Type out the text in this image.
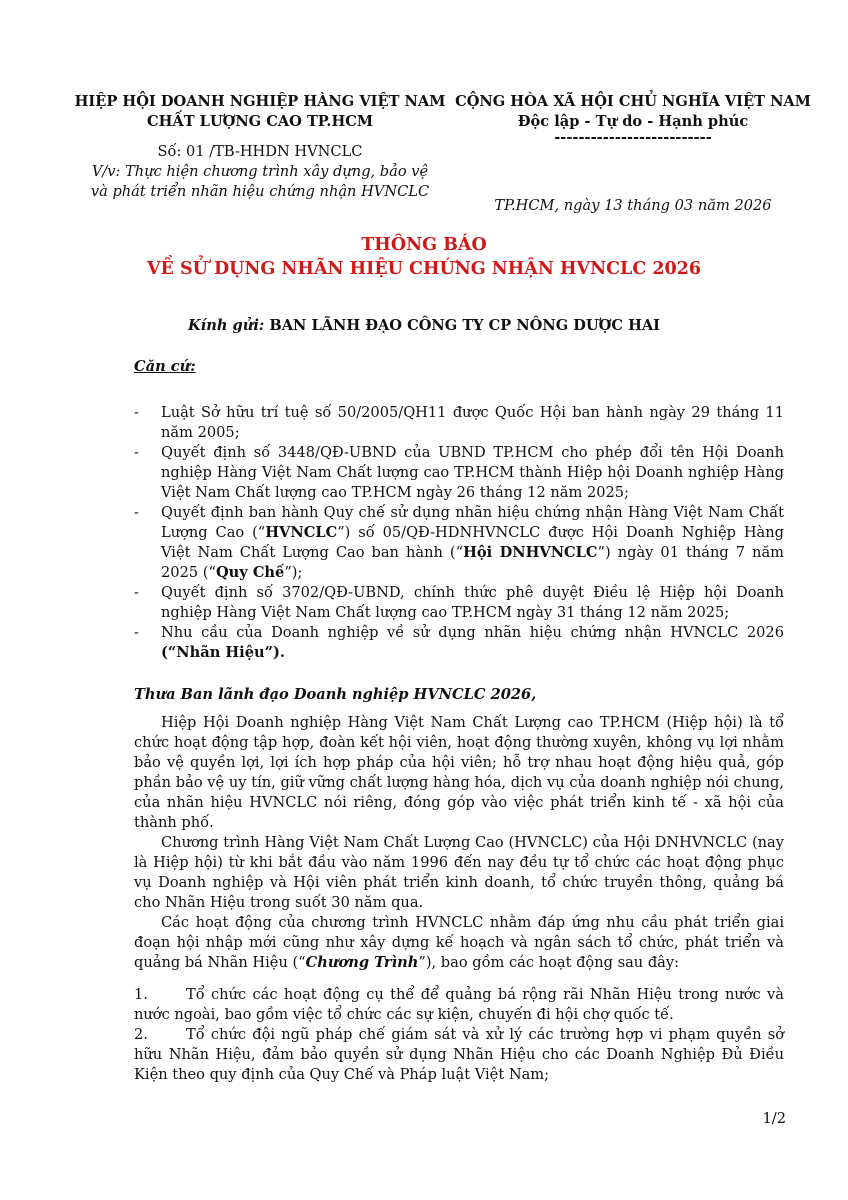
HIỆP HỘI DOANH NGHIỆP HÀNG VIỆT NAM
CHẤT LƯỢNG CAO TP.HCM
Số: 01 /TB-HHDN HVNCLC
V/v: Thực hiện chương trình xây dựng, bảo vệ
và phát triển nhãn hiệu chứng nhận HVNCLC
CỘNG HÒA XÃ HỘI CHỦ NGHĨA VIỆT NAM
Độc lập - Tự do - Hạnh phúc
--------------------------
TP.HCM, ngày 13 tháng 03 năm 2026
THÔNG BÁO
VỀ SỬ DỤNG NHÃN HIỆU CHỨNG NHẬN HVNCLC 2026
Kính gửi: BAN LÃNH ĐẠO CÔNG TY CP NÔNG DƯỢC HAI
Căn cứ:
- Luật Sở hữu trí tuệ số 50/2005/QH11 được Quốc Hội ban hành ngày 29 tháng 11 năm 2005;
- Quyết định số 3448/QĐ-UBND của UBND TP.HCM cho phép đổi tên Hội Doanh nghiệp Hàng Việt Nam Chất lượng cao TP.HCM thành Hiệp hội Doanh nghiệp Hàng Việt Nam Chất lượng cao TP.HCM ngày 26 tháng 12 năm 2025;
- Quyết định ban hành Quy chế sử dụng nhãn hiệu chứng nhận Hàng Việt Nam Chất Lượng Cao (“HVNCLC”) số 05/QĐ-HDNHVNCLC được Hội Doanh Nghiệp Hàng Việt Nam Chất Lượng Cao ban hành (“Hội DNHVNCLC”) ngày 01 tháng 7 năm 2025 (“Quy Chế”);
- Quyết định số 3702/QĐ-UBND, chính thức phê duyệt Điều lệ Hiệp hội Doanh nghiệp Hàng Việt Nam Chất lượng cao TP.HCM ngày 31 tháng 12 năm 2025;
- Nhu cầu của Doanh nghiệp về sử dụng nhãn hiệu chứng nhận HVNCLC 2026 (“Nhãn Hiệu”).
Thưa Ban lãnh đạo Doanh nghiệp HVNCLC 2026,
Hiệp Hội Doanh nghiệp Hàng Việt Nam Chất Lượng cao TP.HCM (Hiệp hội) là tổ chức hoạt động tập hợp, đoàn kết hội viên, hoạt động thường xuyên, không vụ lợi nhằm bảo vệ quyền lợi, lợi ích hợp pháp của hội viên; hỗ trợ nhau hoạt động hiệu quả, góp phần bảo vệ uy tín, giữ vững chất lượng hàng hóa, dịch vụ của doanh nghiệp nói chung, của nhãn hiệu HVNCLC nói riêng, đóng góp vào việc phát triển kinh tế - xã hội của thành phố.
Chương trình Hàng Việt Nam Chất Lượng Cao (HVNCLC) của Hội DNHVNCLC (nay là Hiệp hội) từ khi bắt đầu vào năm 1996 đến nay đều tự tổ chức các hoạt động phục vụ Doanh nghiệp và Hội viên phát triển kinh doanh, tổ chức truyền thông, quảng bá cho Nhãn Hiệu trong suốt 30 năm qua.
Các hoạt động của chương trình HVNCLC nhằm đáp ứng nhu cầu phát triển giai đoạn hội nhập mới cũng như xây dựng kế hoạch và ngân sách tổ chức, phát triển và quảng bá Nhãn Hiệu (“Chương Trình”), bao gồm các hoạt động sau đây:
1.	Tổ chức các hoạt động cụ thể để quảng bá rộng rãi Nhãn Hiệu trong nước và nước ngoài, bao gồm việc tổ chức các sự kiện, chuyến đi hội chợ quốc tế.
2.	Tổ chức đội ngũ pháp chế giám sát và xử lý các trường hợp vi phạm quyền sở hữu Nhãn Hiệu, đảm bảo quyền sử dụng Nhãn Hiệu cho các Doanh Nghiệp Đủ Điều Kiện theo quy định của Quy Chế và Pháp luật Việt Nam;
1/2
